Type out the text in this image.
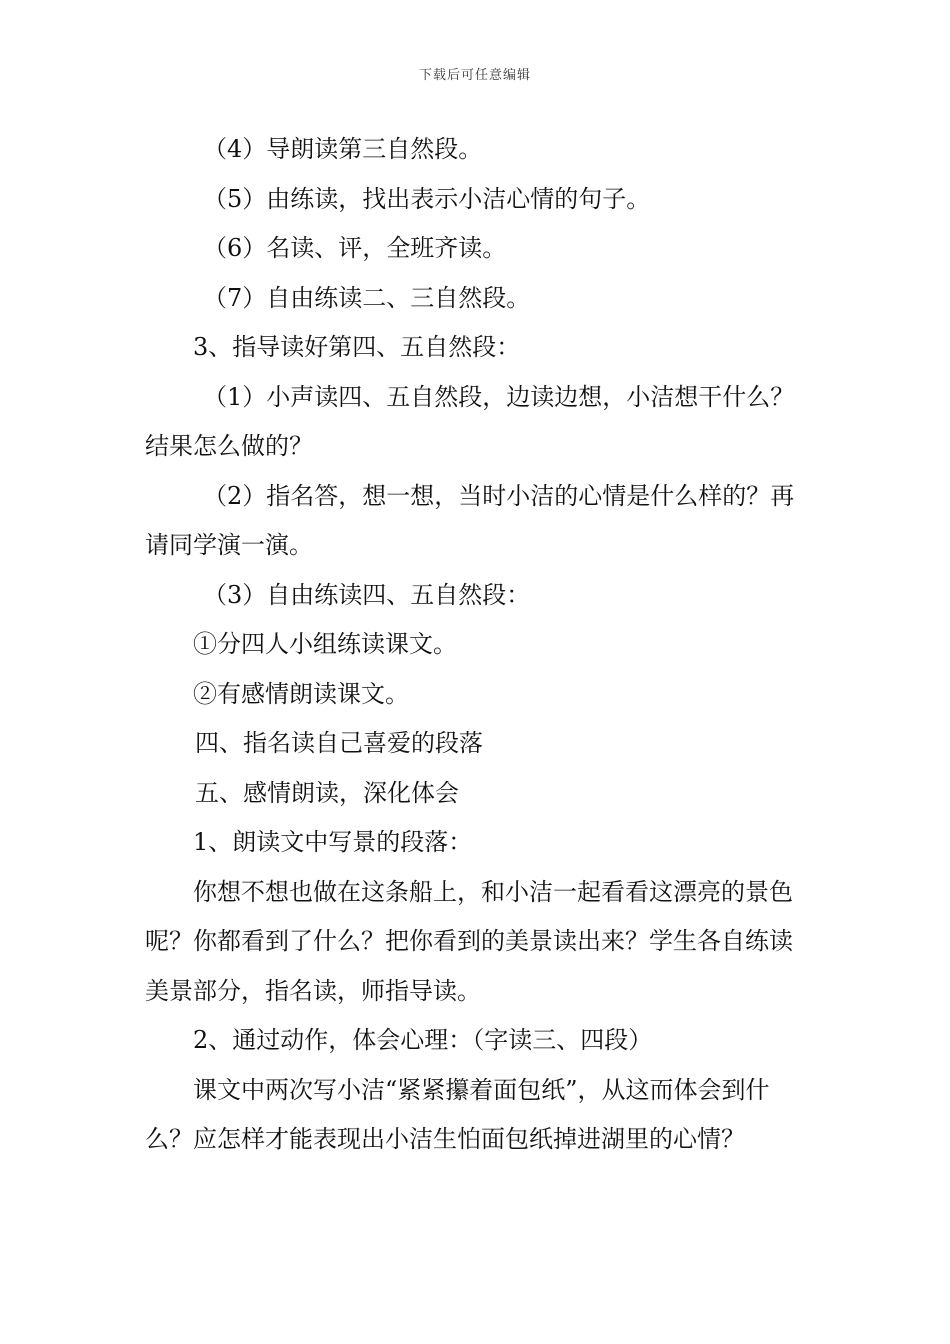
下载后可任意编辑

（4）导朗读第三自然段。

（5）由练读，找出表示小洁心情的句子。

（6）名读、评，全班齐读。

（7）自由练读二、三自然段。

3、指导读好第四、五自然段：

（1）小声读四、五自然段，边读边想，小洁想干什么？结果怎么做的？

（2）指名答，想一想，当时小洁的心情是什么样的？再请同学演一演。

（3）自由练读四、五自然段：

①分四人小组练读课文。

②有感情朗读课文。

四、指名读自己喜爱的段落

五、感情朗读，深化体会

1、朗读文中写景的段落：

你想不想也做在这条船上，和小洁一起看看这漂亮的景色呢？你都看到了什么？把你看到的美景读出来？学生各自练读美景部分，指名读，师指导读。

2、通过动作，体会心理：（字读三、四段）

课文中两次写小洁“紧紧攥着面包纸”，从这而体会到什么？应怎样才能表现出小洁生怕面包纸掉进湖里的心情？
